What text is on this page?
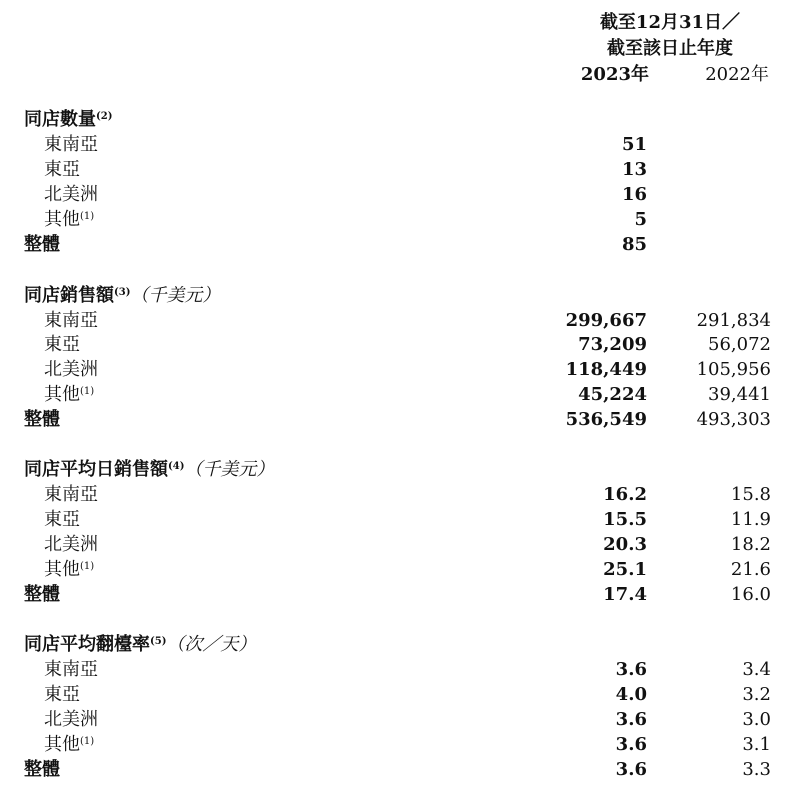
截至12月31日／
截至該日止年度
2023年	2022年
同店數量$^{(2)}$
東南亞	51
東亞	13
北美洲	16
其他$^{(1)}$	5
整體	85
同店銷售額$^{(3)}$（千美元）
東南亞	299,667	291,834
東亞	73,209	56,072
北美洲	118,449	105,956
其他$^{(1)}$	45,224	39,441
整體	536,549	493,303
同店平均日銷售額$^{(4)}$（千美元）
東南亞	16.2	15.8
東亞	15.5	11.9
北美洲	20.3	18.2
其他$^{(1)}$	25.1	21.6
整體	17.4	16.0
同店平均翻檯率$^{(5)}$（次／天）
東南亞	3.6	3.4
東亞	4.0	3.2
北美洲	3.6	3.0
其他$^{(1)}$	3.6	3.1
整體	3.6	3.3
